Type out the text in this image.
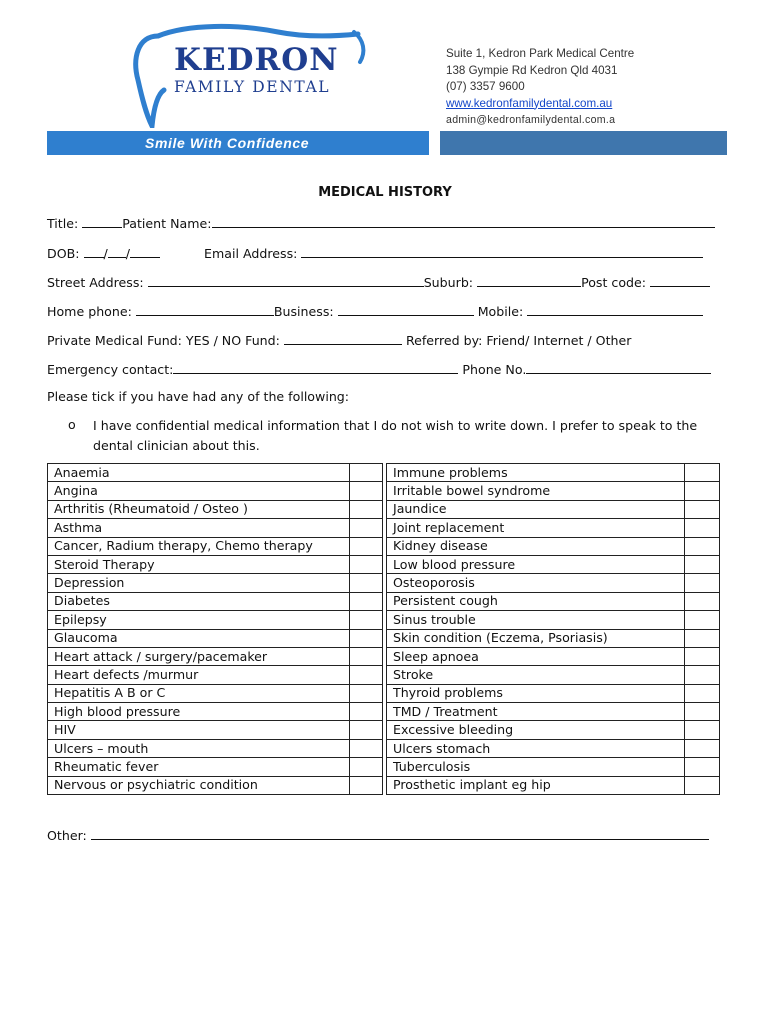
KEDRON
FAMILY DENTAL
Suite 1, Kedron Park Medical Centre
138 Gympie Rd Kedron Qld 4031
(07) 3357 9600
www.kedronfamilydental.com.au
admin@kedronfamilydental.com.a
Smile With Confidence
MEDICAL HISTORY
Title:	Patient Name:
DOB: / /	Email Address:
Street Address:	Suburb:	Post code:
Home phone:	Business:	Mobile:
Private Medical Fund: YES / NO Fund:	Referred by: Friend/ Internet / Other
Emergency contact:	Phone No.
Please tick if you have had any of the following:
o I have confidential medical information that I do not wish to write down. I prefer to speak to the dental clinician about this.
Anaemia			Immune problems	
Angina			Irritable bowel syndrome	
Arthritis (Rheumatoid / Osteo )			Jaundice	
Asthma			Joint replacement	
Cancer, Radium therapy, Chemo therapy			Kidney disease	
Steroid Therapy			Low blood pressure	
Depression			Osteoporosis	
Diabetes			Persistent cough	
Epilepsy			Sinus trouble	
Glaucoma			Skin condition (Eczema, Psoriasis)	
Heart attack / surgery/pacemaker			Sleep apnoea	
Heart defects /murmur			Stroke	
Hepatitis A B or C			Thyroid problems	
High blood pressure			TMD / Treatment	
HIV			Excessive bleeding	
Ulcers – mouth			Ulcers stomach	
Rheumatic fever			Tuberculosis	
Nervous or psychiatric condition			Prosthetic implant eg hip	
Other:
